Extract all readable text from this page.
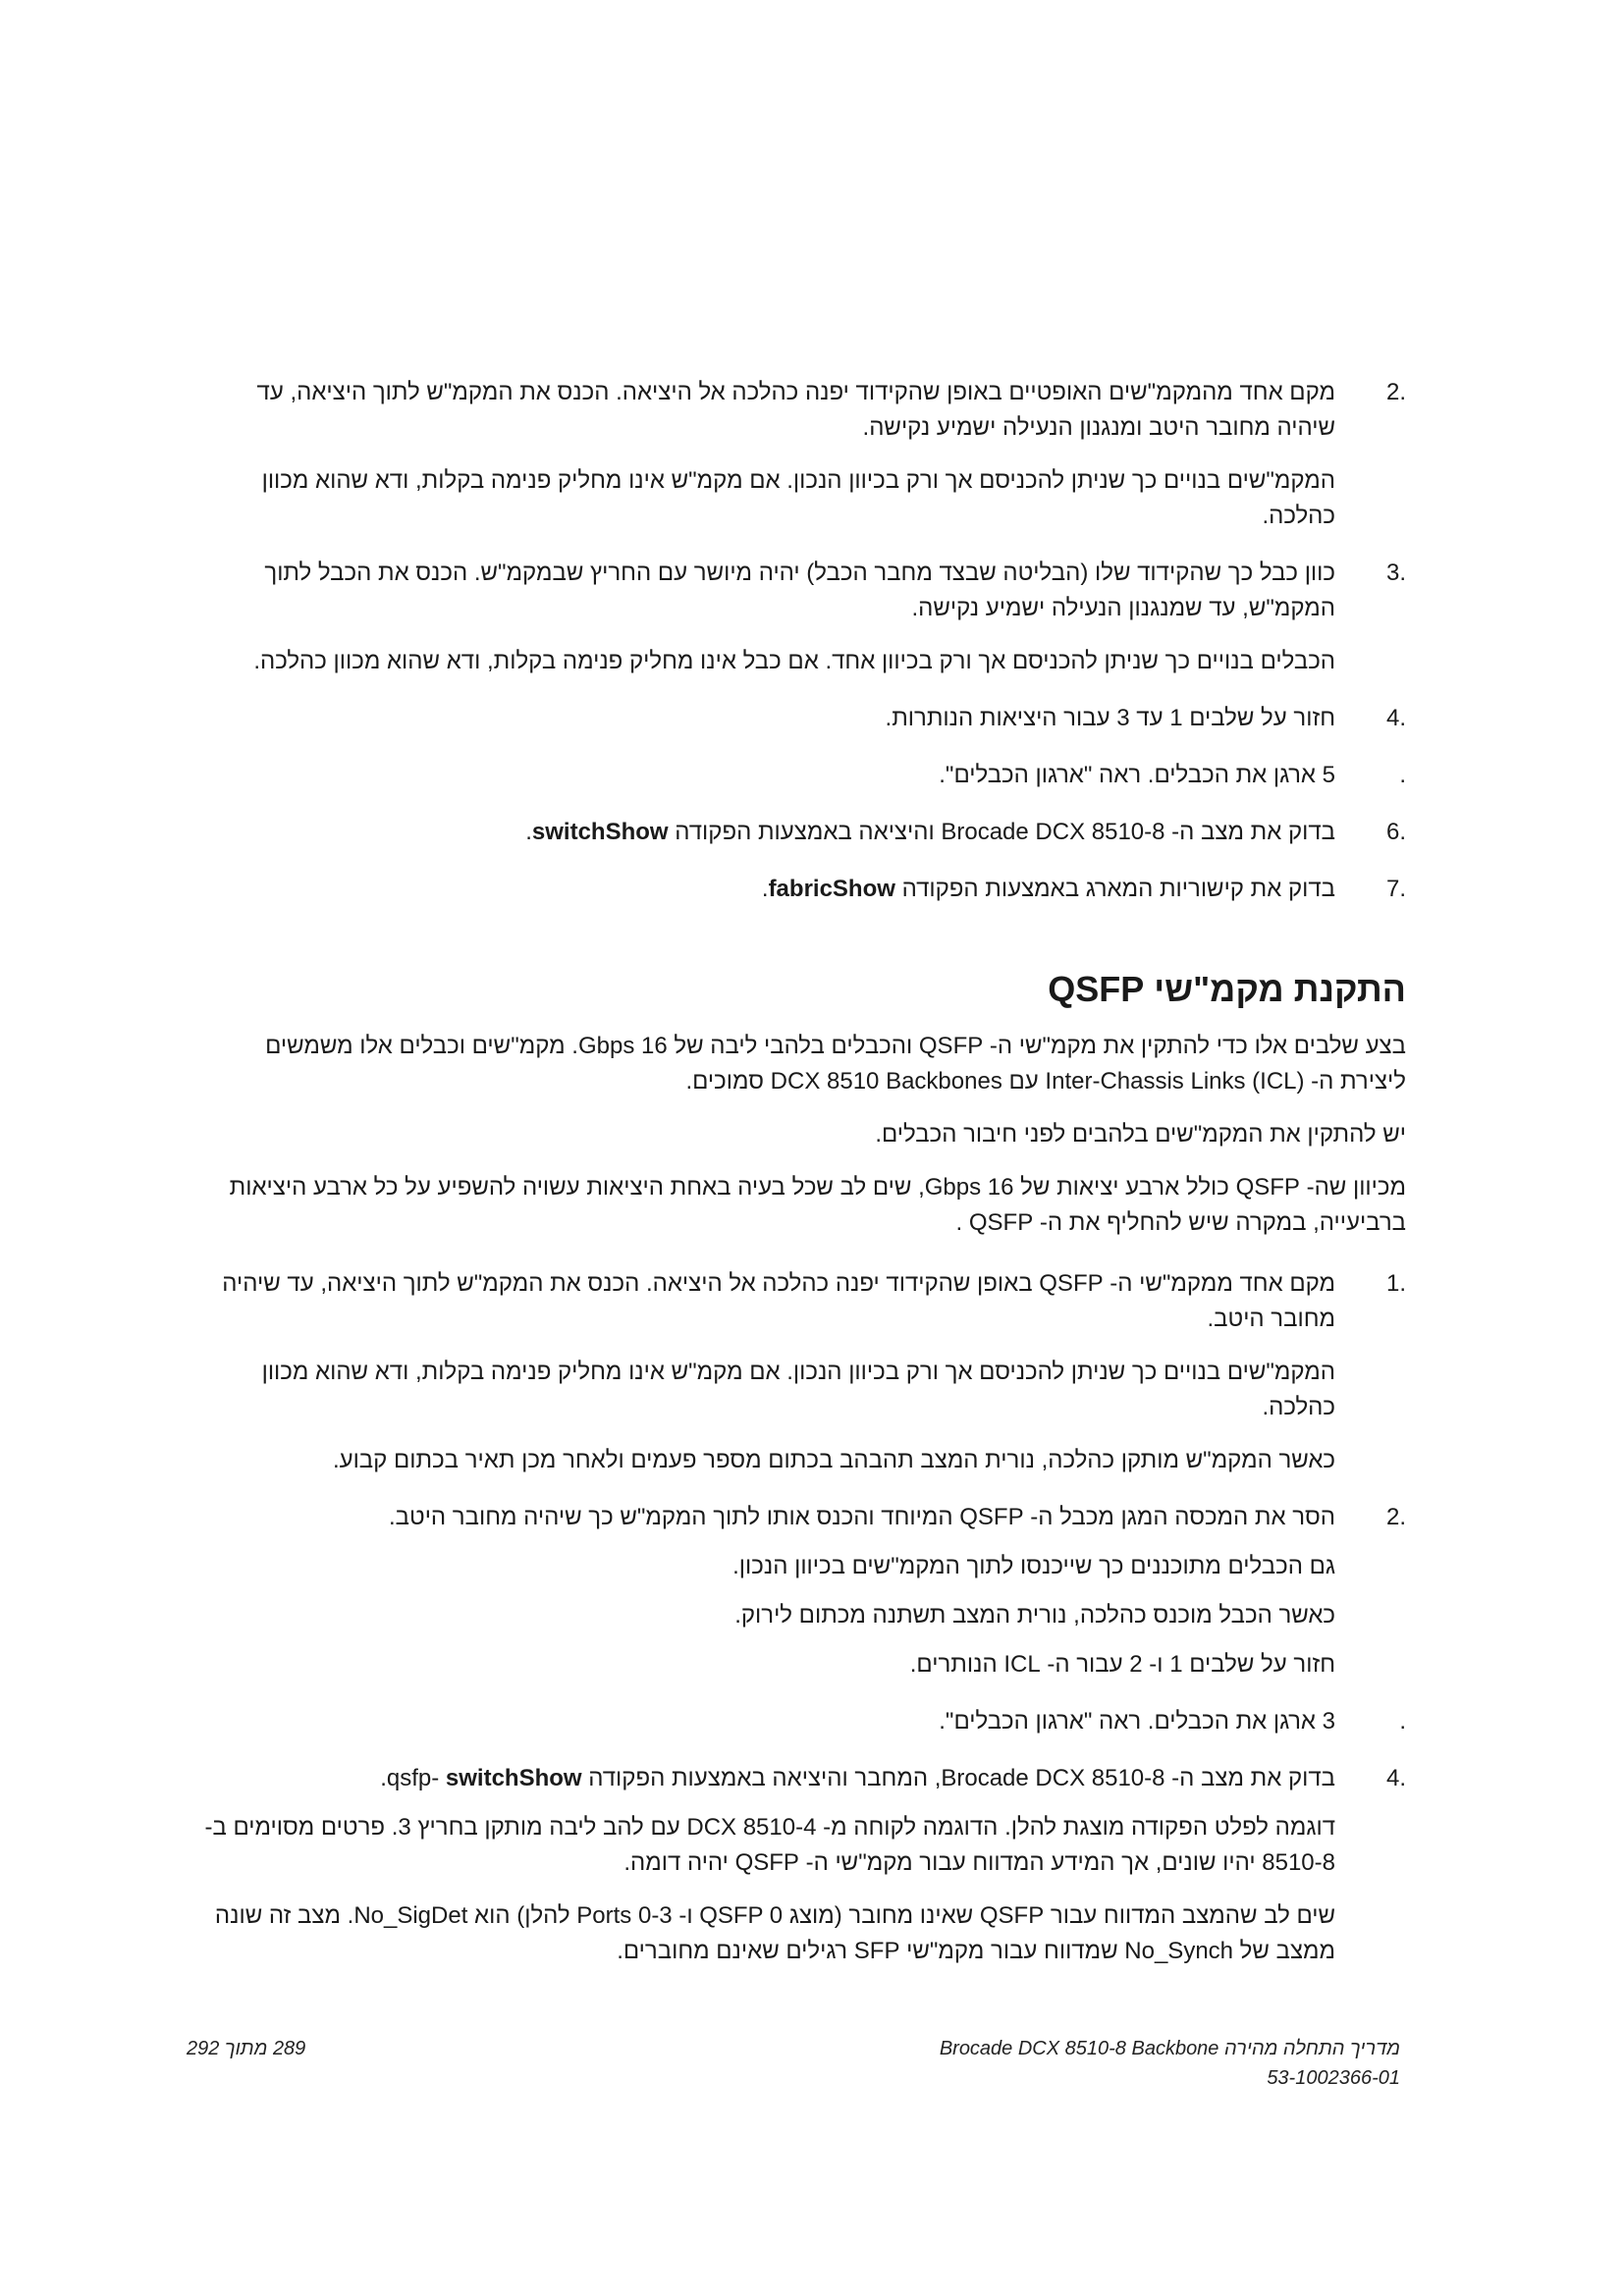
.2
מקם אחד מהמקמ"שים האופטיים באופן שהקידוד יפנה כהלכה אל היציאה. הכנס את המקמ"ש לתוך היציאה, עד שיהיה מחובר היטב ומנגנון הנעילה ישמיע נקישה.
המקמ"שים בנויים כך שניתן להכניסם אך ורק בכיוון הנכון. אם מקמ"ש אינו מחליק פנימה בקלות, ודא שהוא מכוון כהלכה.
.3
כוון כבל כך שהקידוד שלו (הבליטה שבצד מחבר הכבל) יהיה מיושר עם החריץ שבמקמ"ש. הכנס את הכבל לתוך המקמ"ש, עד שמנגנון הנעילה ישמיע נקישה.
הכבלים בנויים כך שניתן להכניסם אך ורק בכיוון אחד. אם כבל אינו מחליק פנימה בקלות, ודא שהוא מכוון כהלכה.
.4
חזור על שלבים 1 עד 3 עבור היציאות הנותרות.
.
5 ארגן את הכבלים. ראה "ארגון הכבלים".
.6
בדוק את מצב ה- Brocade DCX 8510-8 והיציאה באמצעות הפקודה switchShow.
.7
בדוק את קישוריות המארג באמצעות הפקודה fabricShow.
התקנת מקמ"שי QSFP
בצע שלבים אלו כדי להתקין את מקמ"שי ה- QSFP והכבלים בלהבי ליבה של 16 Gbps. מקמ"שים וכבלים אלו משמשים ליצירת ה- Inter-Chassis Links (ICL) עם DCX 8510 Backbones סמוכים.
יש להתקין את המקמ"שים בלהבים לפני חיבור הכבלים.
מכיוון שה- QSFP כולל ארבע יציאות של 16 Gbps, שים לב שכל בעיה באחת היציאות עשויה להשפיע על כל ארבע היציאות ברביעייה, במקרה שיש להחליף את ה- QSFP .
.1
מקם אחד ממקמ"שי ה- QSFP באופן שהקידוד יפנה כהלכה אל היציאה. הכנס את המקמ"ש לתוך היציאה, עד שיהיה מחובר היטב.
המקמ"שים בנויים כך שניתן להכניסם אך ורק בכיוון הנכון. אם מקמ"ש אינו מחליק פנימה בקלות, ודא שהוא מכוון כהלכה.
כאשר המקמ"ש מותקן כהלכה, נורית המצב תהבהב בכתום מספר פעמים ולאחר מכן תאיר בכתום קבוע.
.2
הסר את המכסה המגן מכבל ה- QSFP המיוחד והכנס אותו לתוך המקמ"ש כך שיהיה מחובר היטב.
גם הכבלים מתוכננים כך שייכנסו לתוך המקמ"שים בכיוון הנכון.
כאשר הכבל מוכנס כהלכה, נורית המצב תשתנה מכתום לירוק.
חזור על שלבים 1 ו- 2 עבור ה- ICL הנותרים.
.
3 ארגן את הכבלים. ראה "ארגון הכבלים".
.4
בדוק את מצב ה- Brocade DCX 8510-8, המחבר והיציאה באמצעות הפקודה qsfp- switchShow.
דוגמה לפלט הפקודה מוצגת להלן. הדוגמה לקוחה מ- DCX 8510-4 עם להב ליבה מותקן בחריץ 3. פרטים מסוימים ב- 8510-8 יהיו שונים, אך המידע המדווח עבור מקמ"שי ה- QSFP יהיה דומה.
שים לב שהמצב המדווח עבור QSFP שאינו מחובר (מוצג QSFP 0 ו- Ports 0-3 להלן) הוא No_SigDet. מצב זה שונה ממצב של No_Synch שמדווח עבור מקמ"שי SFP רגילים שאינם מחוברים.
מדריך התחלה מהירה Brocade DCX 8510-8 Backbone
53-1002366-01
289 מתוך 292
